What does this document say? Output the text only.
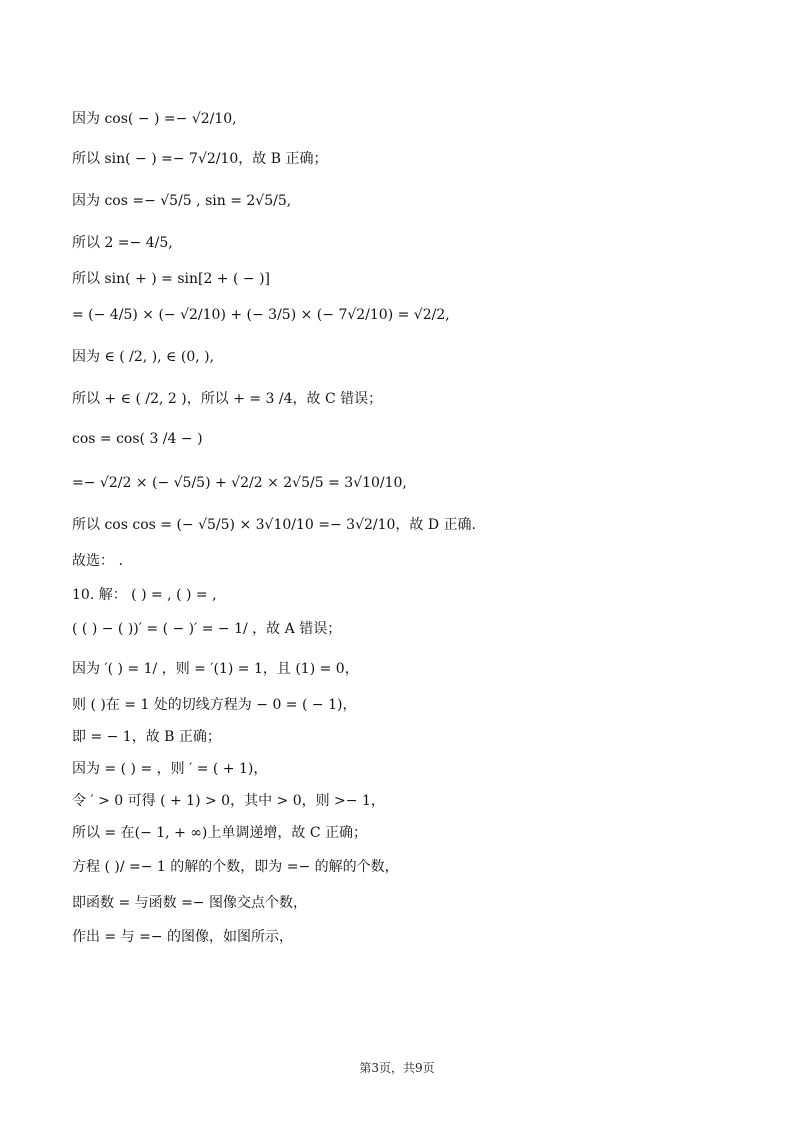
因为 cos( − ) =− √2/10,
所以 sin( − ) =− 7√2/10，故 B 正确；
因为 cos =− √5/5 , sin = 2√5/5,
所以 2 =− 4/5,
所以 sin( + ) = sin[2 + ( − )]
= (− 4/5) × (− √2/10) + (− 3/5) × (− 7√2/10) = √2/2,
因为 ∈ ( /2, ), ∈ (0, ),
所以 + ∈ ( /2, 2 )，所以 + = 3 /4，故 C 错误；
cos = cos( 3 /4 − )
=− √2/2 × (− √5/5) + √2/2 × 2√5/5 = 3√10/10,
所以 cos cos = (− √5/5) × 3√10/10 =− 3√2/10，故 D 正确.
故选： .
10. 解： ( ) = , ( ) = ,
( ( ) − ( ))′ = ( − )′ = − 1/ ，故 A 错误；
因为 ′( ) = 1/ ，则 = ′(1) = 1，且 (1) = 0，
则 ( )在 = 1 处的切线方程为 − 0 = ( − 1)，
即 = − 1，故 B 正确；
因为 = ( ) = ，则 ′ = ( + 1)，
令 ′ > 0 可得 ( + 1) > 0，其中 > 0，则 >− 1，
所以 = 在(− 1, + ∞)上单调递增，故 C 正确；
方程 ( )/ =− 1 的解的个数，即为 =− 的解的个数，
即函数 = 与函数 =− 图像交点个数，
作出 = 与 =− 的图像，如图所示，
第3页，共9页
